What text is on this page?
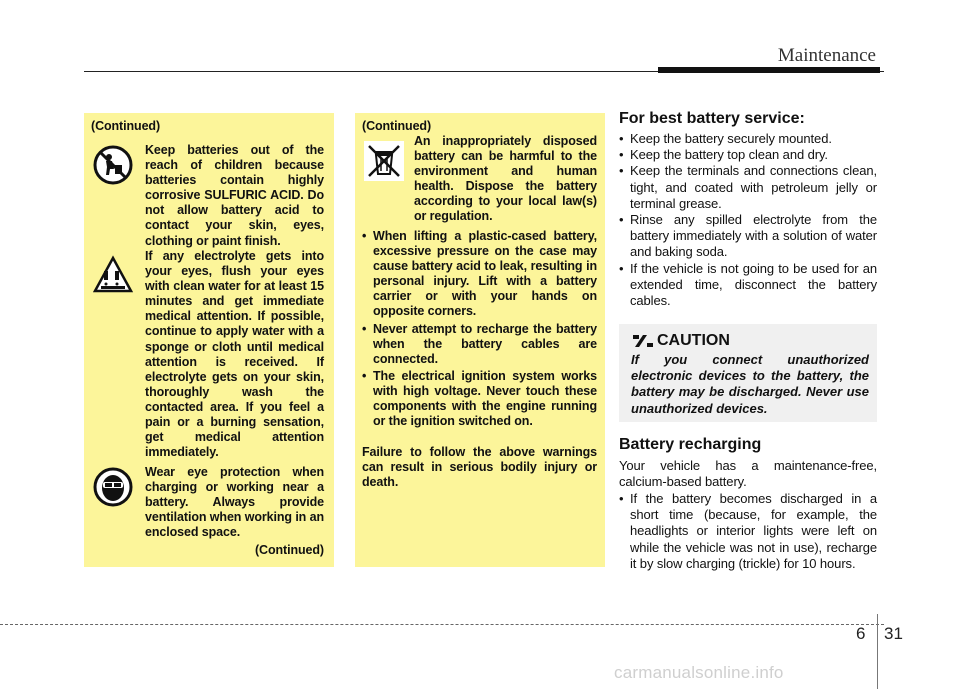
Maintenance
(Continued)
Keep batteries out of the reach of children because batteries contain highly corrosive SULFURIC ACID. Do not allow battery acid to contact your skin, eyes, clothing or paint finish.
If any electrolyte gets into your eyes, flush your eyes with clean water for at least 15 minutes and get immediate medical attention. If possible, continue to apply water with a sponge or cloth until medical attention is received. If electrolyte gets on your skin, thoroughly wash the contacted area. If you feel a pain or a burning sensation, get medical attention immediately.
Wear eye protection when charging or working near a battery. Always provide ventilation when working in an enclosed space.
(Continued)
(Continued)
An inappropriately disposed battery can be harmful to the environment and human health. Dispose the battery according to your local law(s) or regulation.
• When lifting a plastic-cased battery, excessive pressure on the case may cause battery acid to leak, resulting in personal injury. Lift with a battery carrier or with your hands on opposite corners.
• Never attempt to recharge the battery when the battery cables are connected.
• The electrical ignition system works with high voltage. Never touch these components with the engine running or the ignition switched on.
Failure to follow the above warnings can result in serious bodily injury or death.
For best battery service:
• Keep the battery securely mounted.
• Keep the battery top clean and dry.
• Keep the terminals and connections clean, tight, and coated with petroleum jelly or terminal grease.
• Rinse any spilled electrolyte from the battery immediately with a solution of water and baking soda.
• If the vehicle is not going to be used for an extended time, disconnect the battery cables.
CAUTION
If you connect unauthorized electronic devices to the battery, the battery may be discharged. Never use unauthorized devices.
Battery recharging
Your vehicle has a maintenance-free, calcium-based battery.
• If the battery becomes discharged in a short time (because, for example, the headlights or interior lights were left on while the vehicle was not in use), recharge it by slow charging (trickle) for 10 hours.
6 31
carmanualsonline.info
